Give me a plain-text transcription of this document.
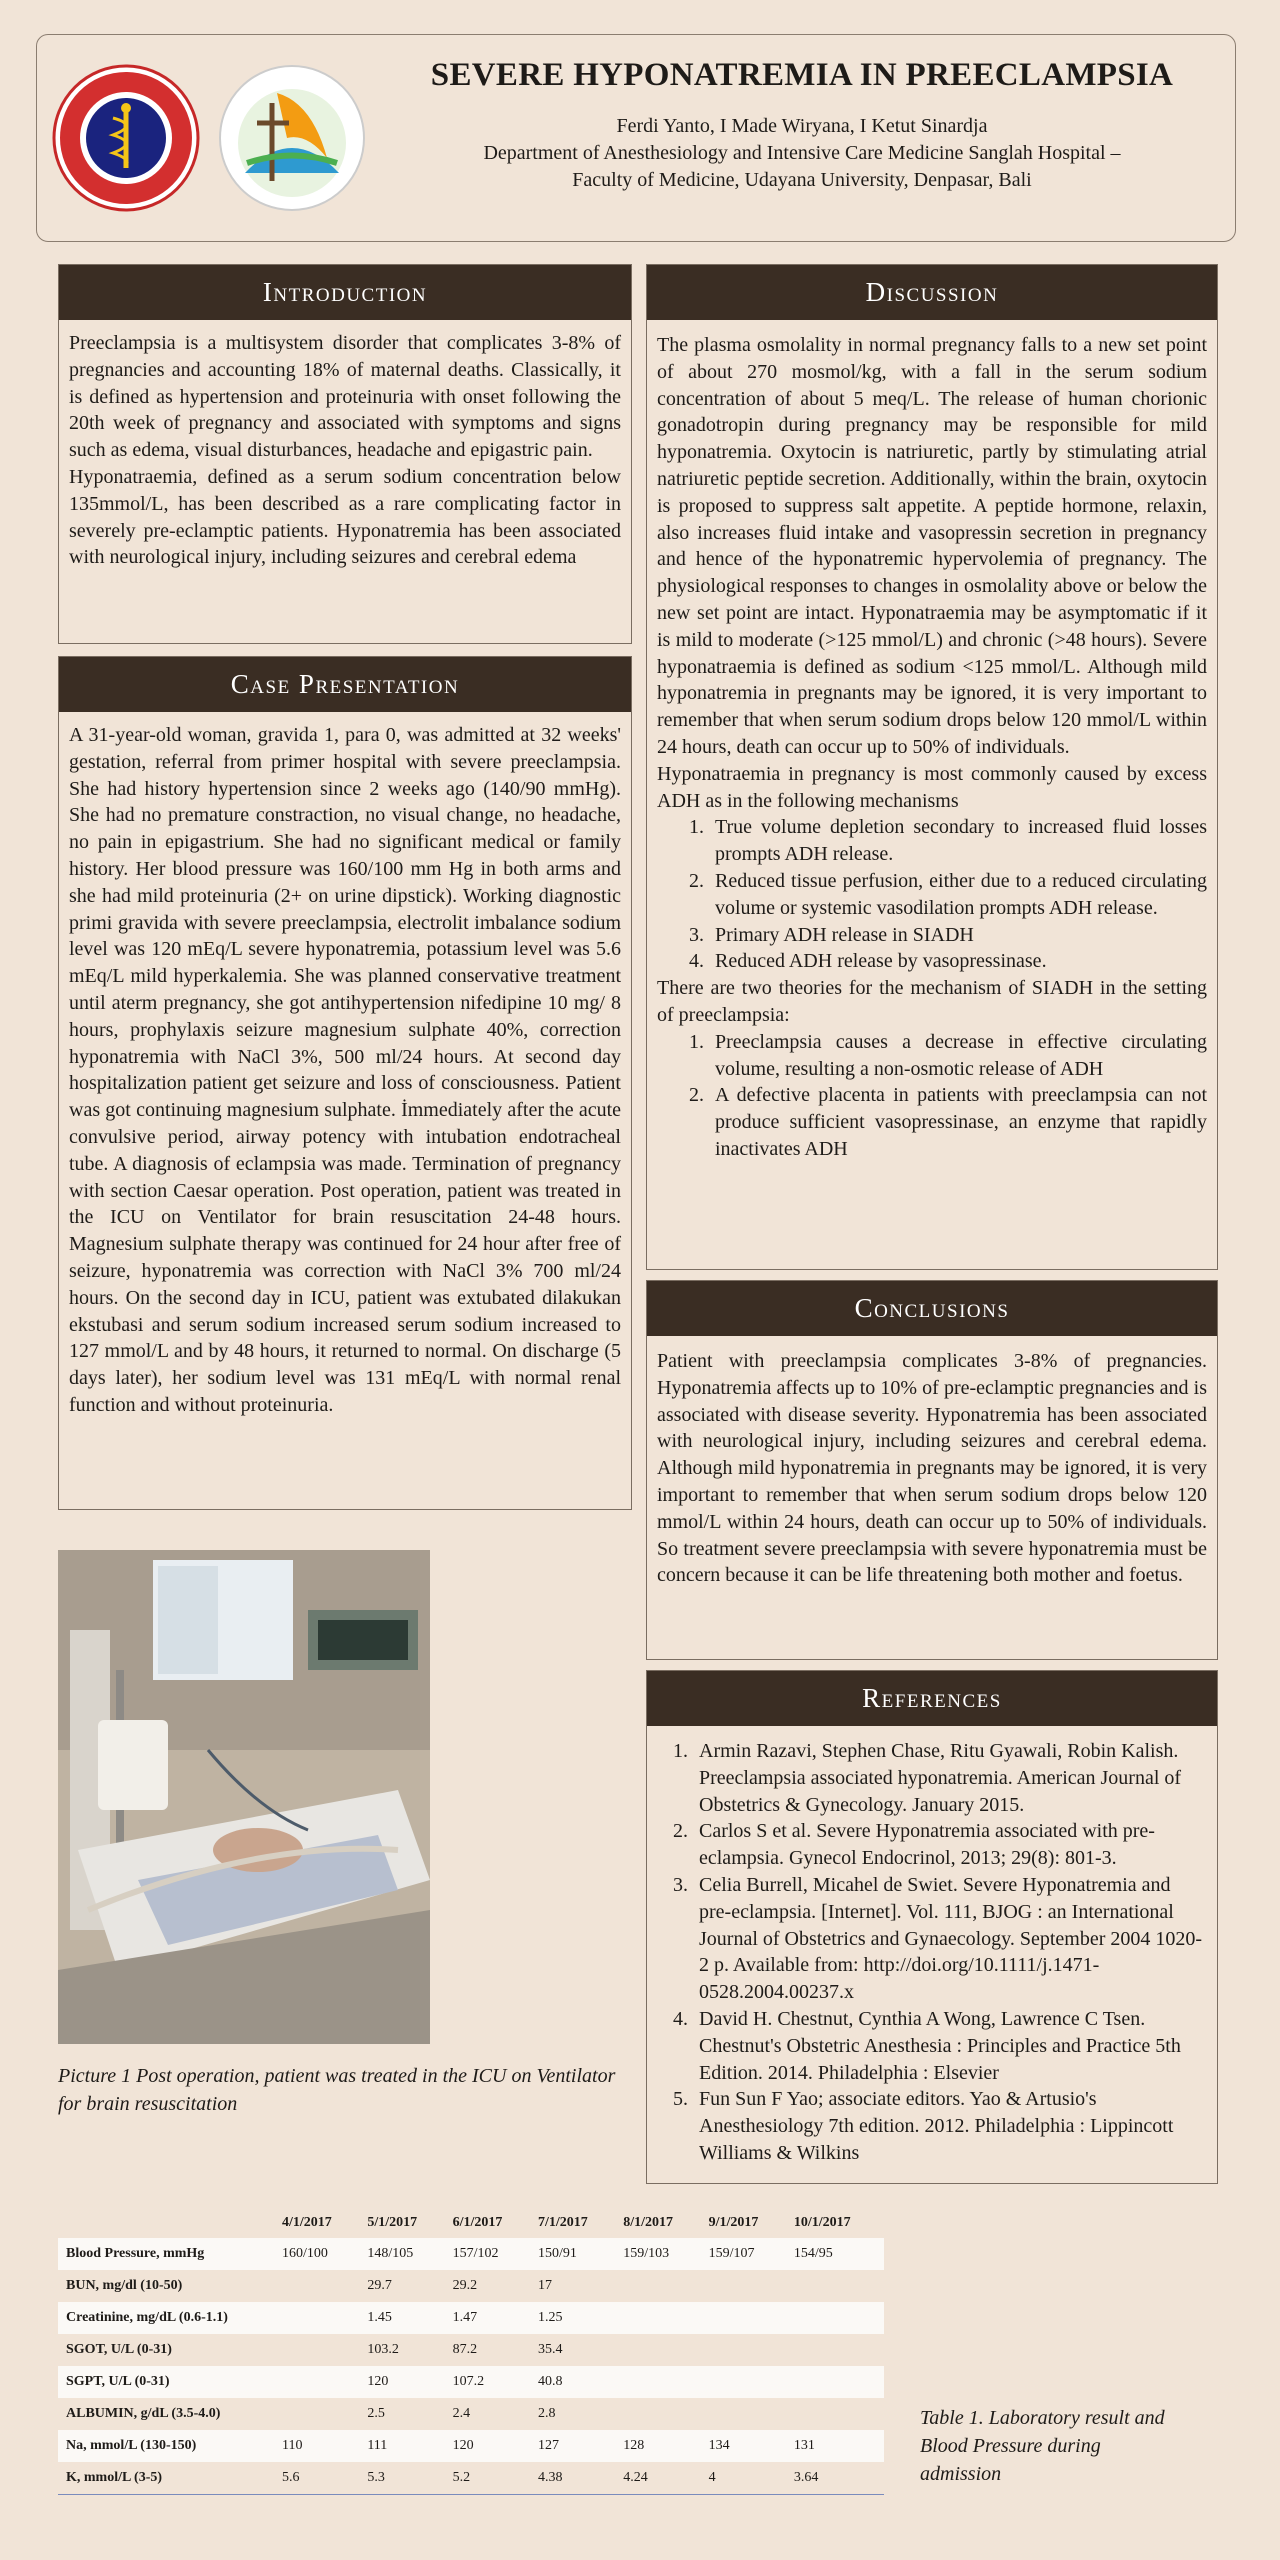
SEVERE HYPONATREMIA IN PREECLAMPSIA
Ferdi Yanto, I Made Wiryana, I Ketut Sinardja
Department of Anesthesiology and Intensive Care Medicine Sanglah Hospital –
Faculty of Medicine, Udayana University, Denpasar, Bali
Introduction

Preeclampsia is a multisystem disorder that complicates 3-8% of pregnancies and accounting 18% of maternal deaths. Classically, it is defined as hypertension and proteinuria with onset following the 20th week of pregnancy and associated with symptoms and signs such as edema, visual disturbances, headache and epigastric pain.

Hyponatraemia, defined as a serum sodium concentration below 135mmol/L, has been described as a rare complicating factor in severely pre-eclamptic patients. Hyponatremia has been associated with neurological injury, including seizures and cerebral edema

Case Presentation

A 31-year-old woman, gravida 1, para 0, was admitted at 32 weeks' gestation, referral from primer hospital with severe preeclampsia. She had history hypertension since 2 weeks ago (140/90 mmHg). She had no premature constraction, no visual change, no headache, no pain in epigastrium. She had no significant medical or family history. Her blood pressure was 160/100 mm Hg in both arms and she had mild proteinuria (2+ on urine dipstick). Working diagnostic primi gravida with severe preeclampsia, electrolit imbalance sodium level was 120 mEq/L severe hyponatremia, potassium level was 5.6 mEq/L mild hyperkalemia. She was planned conservative treatment until aterm pregnancy, she got antihypertension nifedipine 10 mg/ 8 hours, prophylaxis seizure magnesium sulphate 40%, correction hyponatremia with NaCl 3%, 500 ml/24 hours. At second day hospitalization patient get seizure and loss of consciousness. Patient was got continuing magnesium sulphate. İmmediately after the acute convulsive period, airway potency with intubation endotracheal tube. A diagnosis of eclampsia was made. Termination of pregnancy with section Caesar operation. Post operation, patient was treated in the ICU on Ventilator for brain resuscitation 24-48 hours. Magnesium sulphate therapy was continued for 24 hour after free of seizure, hyponatremia was correction with NaCl 3% 700 ml/24 hours. On the second day in ICU, patient was extubated dilakukan ekstubasi and serum sodium increased serum sodium increased to 127 mmol/L and by 48 hours, it returned to normal. On discharge (5 days later), her sodium level was 131 mEq/L with normal renal function and without proteinuria.

Discussion

The plasma osmolality in normal pregnancy falls to a new set point of about 270 mosmol/kg, with a fall in the serum sodium concentration of about 5 meq/L. The release of human chorionic gonadotropin during pregnancy may be responsible for mild hyponatremia. Oxytocin is natriuretic, partly by stimulating atrial natriuretic peptide secretion. Additionally, within the brain, oxytocin is proposed to suppress salt appetite. A peptide hormone, relaxin, also increases fluid intake and vasopressin secretion in pregnancy and hence of the hyponatremic hypervolemia of pregnancy. The physiological responses to changes in osmolality above or below the new set point are intact. Hyponatraemia may be asymptomatic if it is mild to moderate (>125 mmol/L) and chronic (>48 hours). Severe hyponatraemia is defined as sodium <125 mmol/L. Although mild hyponatremia in pregnants may be ignored, it is very important to remember that when serum sodium drops below 120 mmol/L within 24 hours, death can occur up to 50% of individuals.

Hyponatraemia in pregnancy is most commonly caused by excess ADH as in the following mechanisms

1. True volume depletion secondary to increased fluid losses prompts ADH release.
2. Reduced tissue perfusion, either due to a reduced circulating volume or systemic vasodilation prompts ADH release.
3. Primary ADH release in SIADH
4. Reduced ADH release by vasopressinase.

There are two theories for the mechanism of SIADH in the setting of preeclampsia:

1. Preeclampsia causes a decrease in effective circulating volume, resulting a non-osmotic release of ADH
2. A defective placenta in patients with preeclampsia can not produce sufficient vasopressinase, an enzyme that rapidly inactivates ADH
Conclusions

Patient with preeclampsia complicates 3-8% of pregnancies. Hyponatremia affects up to 10% of pre-eclamptic pregnancies and is associated with disease severity. Hyponatremia has been associated with neurological injury, including seizures and cerebral edema. Although mild hyponatremia in pregnants may be ignored, it is very important to remember that when serum sodium drops below 120 mmol/L within 24 hours, death can occur up to 50% of individuals. So treatment severe preeclampsia with severe hyponatremia must be concern because it can be life threatening both mother and foetus.

References
1. Armin Razavi, Stephen Chase, Ritu Gyawali, Robin Kalish. Preeclampsia associated hyponatremia. American Journal of Obstetrics & Gynecology. January 2015.
2. Carlos S et al. Severe Hyponatremia associated with pre-eclampsia. Gynecol Endocrinol, 2013; 29(8): 801-3.
3. Celia Burrell, Micahel de Swiet. Severe Hyponatremia and pre-eclampsia. [Internet]. Vol. 111, BJOG : an International Journal of Obstetrics and Gynaecology. September 2004 1020-2 p. Available from: http://doi.org/10.1111/j.1471-0528.2004.00237.x
4. David H. Chestnut, Cynthia A Wong, Lawrence C Tsen. Chestnut's Obstetric Anesthesia : Principles and Practice 5th Edition. 2014. Philadelphia : Elsevier
5. Fun Sun F Yao; associate editors. Yao & Artusio's Anesthesiology 7th edition. 2012. Philadelphia : Lippincott Williams & Wilkins
Picture 1 Post operation, patient was treated in the ICU on Ventilator for brain resuscitation
	4/1/2017	5/1/2017	6/1/2017	7/1/2017	8/1/2017	9/1/2017	10/1/2017
Blood Pressure, mmHg	160/100	148/105	157/102	150/91	159/103	159/107	154/95
BUN, mg/dl (10-50)		29.7	29.2	17			
Creatinine, mg/dL (0.6-1.1)		1.45	1.47	1.25			
SGOT, U/L (0-31)		103.2	87.2	35.4			
SGPT, U/L (0-31)		120	107.2	40.8			
ALBUMIN, g/dL (3.5-4.0)		2.5	2.4	2.8			
Na, mmol/L (130-150)	110	111	120	127	128	134	131
K, mmol/L (3-5)	5.6	5.3	5.2	4.38	4.24	4	3.64
Table 1. Laboratory result and Blood Pressure during admission
